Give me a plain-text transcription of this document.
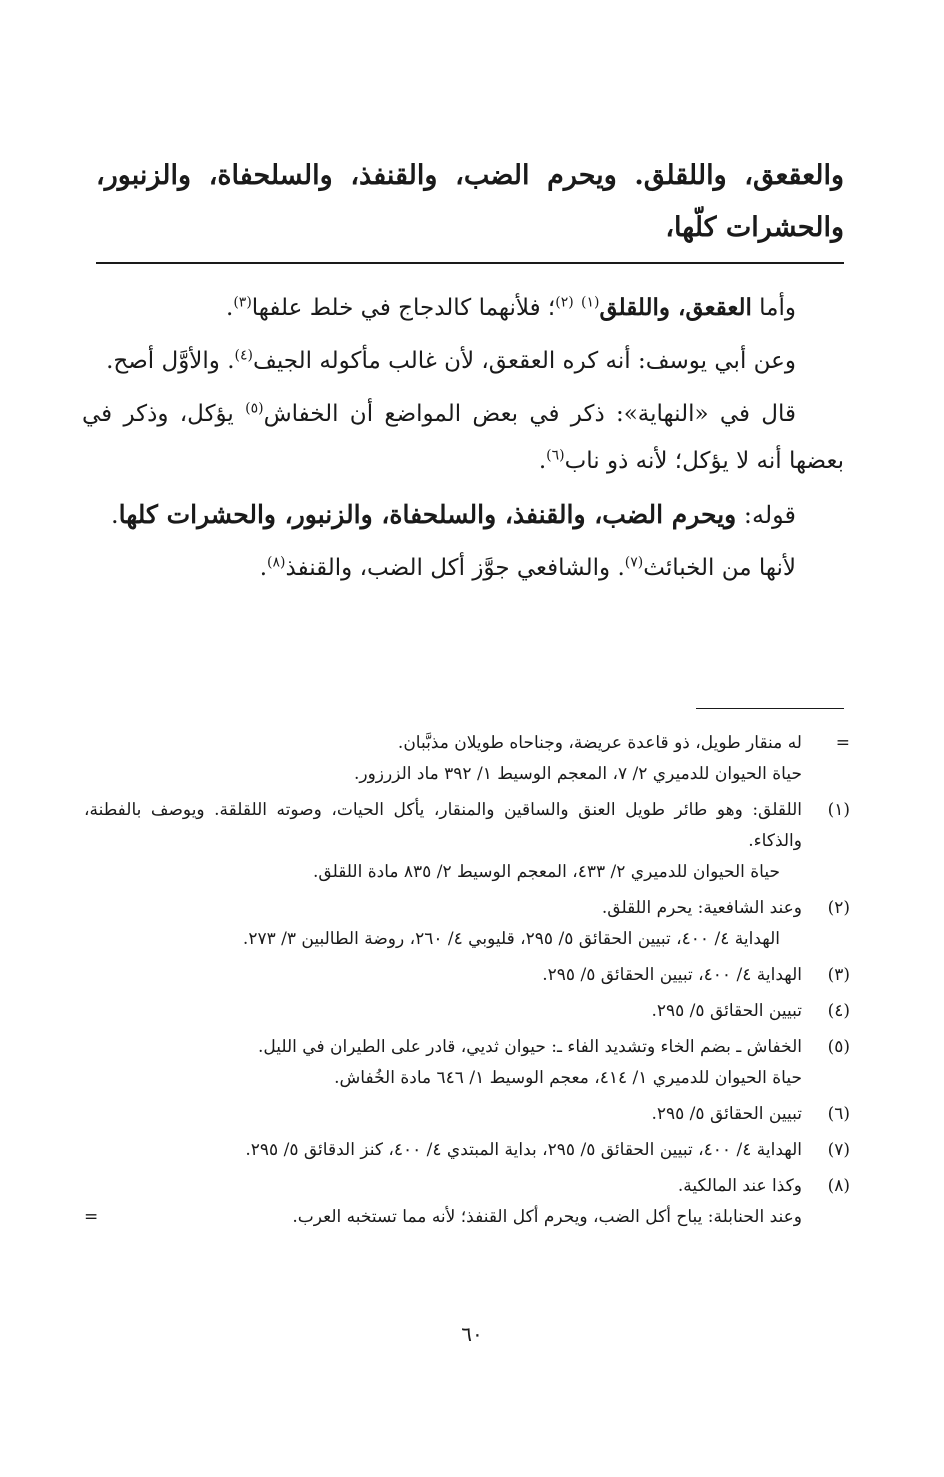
والعقعق، واللقلق. ويحرم الضب، والقنفذ، والسلحفاة، والزنبور، والحشرات كلّها،

وأما العقعق، واللقلق$^{(١)}$ $^{(٢)}$؛ فلأنهما كالدجاج في خلط علفها$^{(٣)}$.

وعن أبي يوسف: أنه كره العقعق، لأن غالب مأكوله الجيف$^{(٤)}$. والأوَّل أصح.

قال في «النهاية»: ذكر في بعض المواضع أن الخفاش$^{(٥)}$ يؤكل، وذكر في بعضها أنه لا يؤكل؛ لأنه ذو ناب$^{(٦)}$.

قوله: ويحرم الضب، والقنفذ، والسلحفاة، والزنبور، والحشرات كلها.

لأنها من الخبائث$^{(٧)}$. والشافعي جوَّز أكل الضب، والقنفذ$^{(٨)}$.

=
له منقار طويل، ذو قاعدة عريضة، وجناحاه طويلان مذبَّبان.
حياة الحيوان للدميري ٢/ ٧، المعجم الوسيط ١/ ٣٩٢ ماد الزرزور.
(١)
اللقلق: وهو طائر طويل العنق والساقين والمنقار، يأكل الحيات، وصوته اللقلقة. ويوصف بالفطنة، والذكاء.
حياة الحيوان للدميري ٢/ ٤٣٣، المعجم الوسيط ٢/ ٨٣٥ مادة اللقلق.
(٢)
وعند الشافعية: يحرم اللقلق.
الهداية ٤/ ٤٠٠، تبيين الحقائق ٥/ ٢٩٥، قليوبي ٤/ ٢٦٠، روضة الطالبين ٣/ ٢٧٣.
(٣)
الهداية ٤/ ٤٠٠، تبيين الحقائق ٥/ ٢٩٥.
(٤)
تبيين الحقائق ٥/ ٢٩٥.
(٥)
الخفاش ـ بضم الخاء وتشديد الفاء ـ: حيوان ثديي، قادر على الطيران في الليل.
حياة الحيوان للدميري ١/ ٤١٤، معجم الوسيط ١/ ٦٤٦ مادة الخُفاش.
(٦)
تبيين الحقائق ٥/ ٢٩٥.
(٧)
الهداية ٤/ ٤٠٠، تبيين الحقائق ٥/ ٢٩٥، بداية المبتدي ٤/ ٤٠٠، كنز الدقائق ٥/ ٢٩٥.
(٨)
وكذا عند المالكية.
وعند الحنابلة: يباح أكل الضب، ويحرم أكل القنفذ؛ لأنه مما تستخبه العرب.
=
٦٠
